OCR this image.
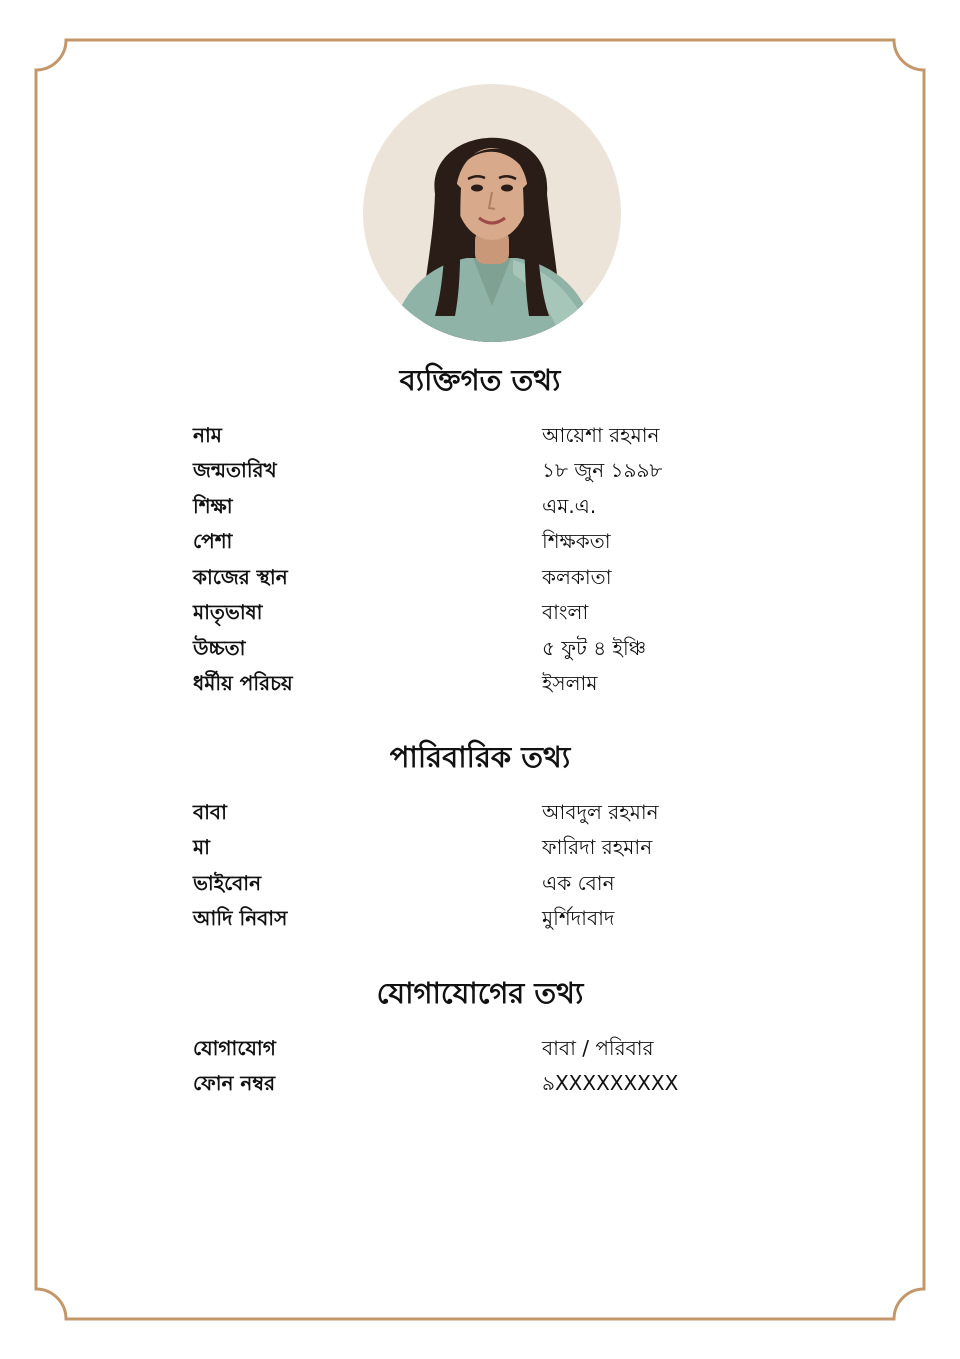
ব্যক্তিগত তথ্য
নাম	আয়েশা রহমান
জন্মতারিখ	১৮ জুন ১৯৯৮
শিক্ষা	এম.এ.
পেশা	শিক্ষকতা
কাজের স্থান	কলকাতা
মাতৃভাষা	বাংলা
উচ্চতা	৫ ফুট ৪ ইঞ্চি
ধর্মীয় পরিচয়	ইসলাম
পারিবারিক তথ্য
বাবা	আবদুল রহমান
মা	ফারিদা রহমান
ভাইবোন	এক বোন
আদি নিবাস	মুর্শিদাবাদ
যোগাযোগের তথ্য
যোগাযোগ	বাবা / পরিবার
ফোন নম্বর	৯XXXXXXXXX
